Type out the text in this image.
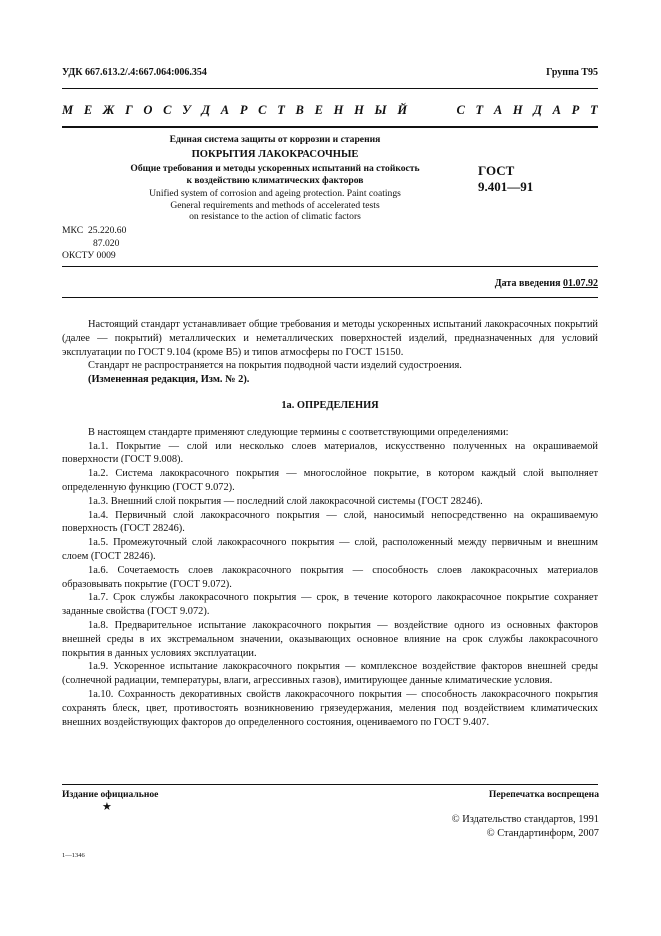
УДК 667.613.2/.4:667.064:006.354	Группа Т95
М Е Ж Г О С У Д А Р С Т В Е Н Н Ы Й	С Т А Н Д А Р Т
Единая система защиты от коррозии и старения
ПОКРЫТИЯ ЛАКОКРАСОЧНЫЕ
Общие требования и методы ускоренных испытаний на стойкость
к воздействию климатических факторов
Unified system of corrosion and ageing protection. Paint coatings
General requirements and methods of accelerated tests
on resistance to the action of climatic factors
ГОСТ
9.401—91
МКС 25.220.60
87.020
ОКСТУ 0009
Дата введения 01.07.92

Настоящий стандарт устанавливает общие требования и методы ускоренных испытаний лакокрасочных покрытий (далее — покрытий) металлических и неметаллических поверхностей изделий, предназначенных для условий эксплуатации по ГОСТ 9.104 (кроме В5) и типов атмосферы по ГОСТ 15150.

Стандарт не распространяется на покрытия подводной части изделий судостроения.

(Измененная редакция, Изм. № 2).

1а. ОПРЕДЕЛЕНИЯ

В настоящем стандарте применяют следующие термины с соответствующими определениями:

1а.1. Покрытие — слой или несколько слоев материалов, искусственно полученных на окрашиваемой поверхности (ГОСТ 9.008).

1а.2. Система лакокрасочного покрытия — многослойное покрытие, в котором каждый слой выполняет определенную функцию (ГОСТ 9.072).

1а.3. Внешний слой покрытия — последний слой лакокрасочной системы (ГОСТ 28246).

1а.4. Первичный слой лакокрасочного покрытия — слой, наносимый непосредственно на окрашиваемую поверхность (ГОСТ 28246).

1а.5. Промежуточный слой лакокрасочного покрытия — слой, расположенный между первичным и внешним слоем (ГОСТ 28246).

1а.6. Сочетаемость слоев лакокрасочного покрытия — способность слоев лакокрасочных материалов образовывать покрытие (ГОСТ 9.072).

1а.7. Срок службы лакокрасочного покрытия — срок, в течение которого лакокрасочное покрытие сохраняет заданные свойства (ГОСТ 9.072).

1а.8. Предварительное испытание лакокрасочного покрытия — воздействие одного из основных факторов внешней среды в их экстремальном значении, оказывающих основное влияние на срок службы лакокрасочного покрытия в данных условиях эксплуатации.

1а.9. Ускоренное испытание лакокрасочного покрытия — комплексное воздействие факторов внешней среды (солнечной радиации, температуры, влаги, агрессивных газов), имитирующее данные климатические условия.

1а.10. Сохранность декоративных свойств лакокрасочного покрытия — способность лакокрасочного покрытия сохранять блеск, цвет, противостоять возникновению грязеудержания, меления под воздействием климатических внешних воздействующих факторов до определенного состояния, оцениваемого по ГОСТ 9.407.

Издание официальное	Перепечатка воспрещена
★
© Издательство стандартов, 1991
© Стандартинформ, 2007
1—1346
